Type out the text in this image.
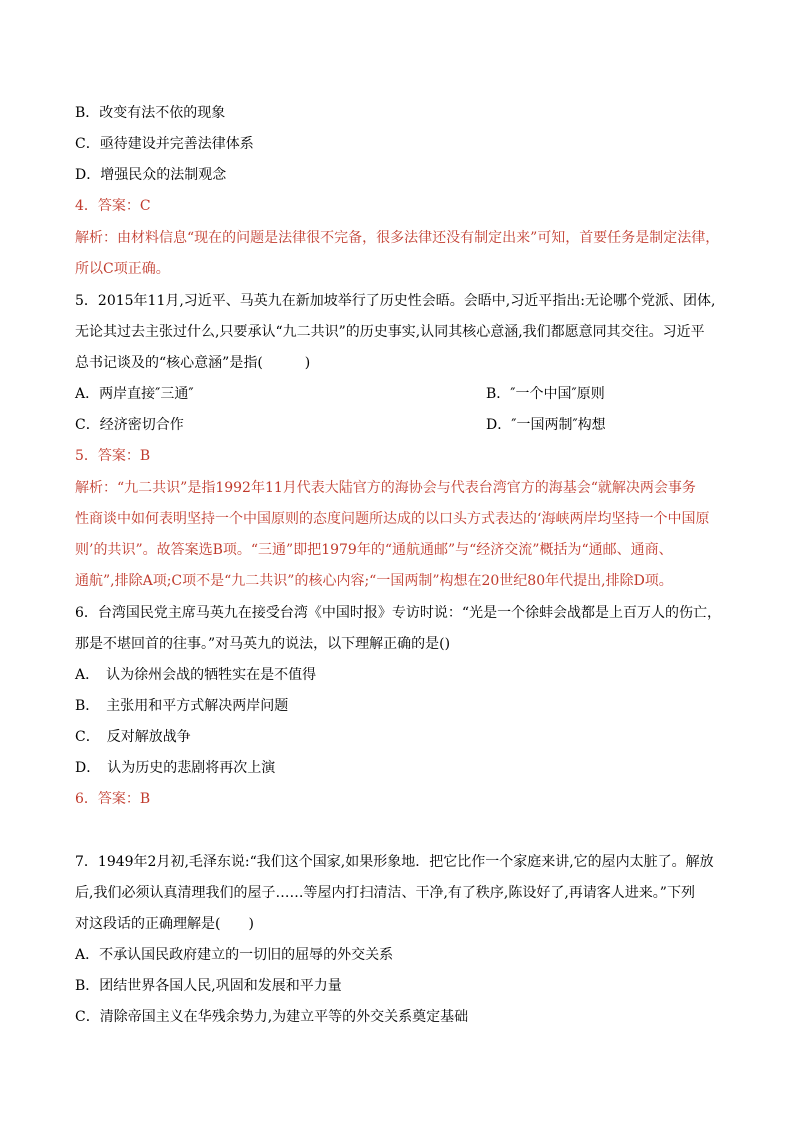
B．改变有法不依的现象
C．亟待建设并完善法律体系
D．增强民众的法制观念
4．答案：C
解析：由材料信息“现在的问题是法律很不完备，很多法律还没有制定出来”可知，首要任务是制定法律，
所以C项正确。
5．2015年11月,习近平、马英九在新加坡举行了历史性会晤。会晤中,习近平指出:无论哪个党派、团体,
无论其过去主张过什么,只要承认“九二共识”的历史事实,认同其核心意涵,我们都愿意同其交往。习近平
总书记谈及的“核心意涵”是指(　　　)
A．两岸直接″三通″	B．″一个中国″原则
C．经济密切合作	D．″一国两制″构想
5．答案：B
解析：“九二共识”是指1992年11月代表大陆官方的海协会与代表台湾官方的海基会“就解决两会事务
性商谈中如何表明坚持一个中国原则的态度问题所达成的以口头方式表达的‘海峡两岸均坚持一个中国原
则’的共识”。故答案选B项。“三通”即把1979年的“通航通邮”与“经济交流”概括为“通邮、通商、
通航”,排除A项;C项不是“九二共识”的核心内容;“一国两制”构想在20世纪80年代提出,排除D项。
6．台湾国民党主席马英九在接受台湾《中国时报》专访时说：“光是一个徐蚌会战都是上百万人的伤亡，
那是不堪回首的往事。”对马英九的说法，以下理解正确的是()
A．　认为徐州会战的牺牲实在是不值得
B．　主张用和平方式解决两岸问题
C．　反对解放战争
D．　认为历史的悲剧将再次上演
6．答案：B
7．1949年2月初,毛泽东说:“我们这个国家,如果形象地．把它比作一个家庭来讲,它的屋内太脏了。解放
后,我们必须认真清理我们的屋子……等屋内打扫清洁、干净,有了秩序,陈设好了,再请客人进来。”下列
对这段话的正确理解是(　　)
A．不承认国民政府建立的一切旧的屈辱的外交关系
B．团结世界各国人民,巩固和发展和平力量
C．清除帝国主义在华残余势力,为建立平等的外交关系奠定基础
